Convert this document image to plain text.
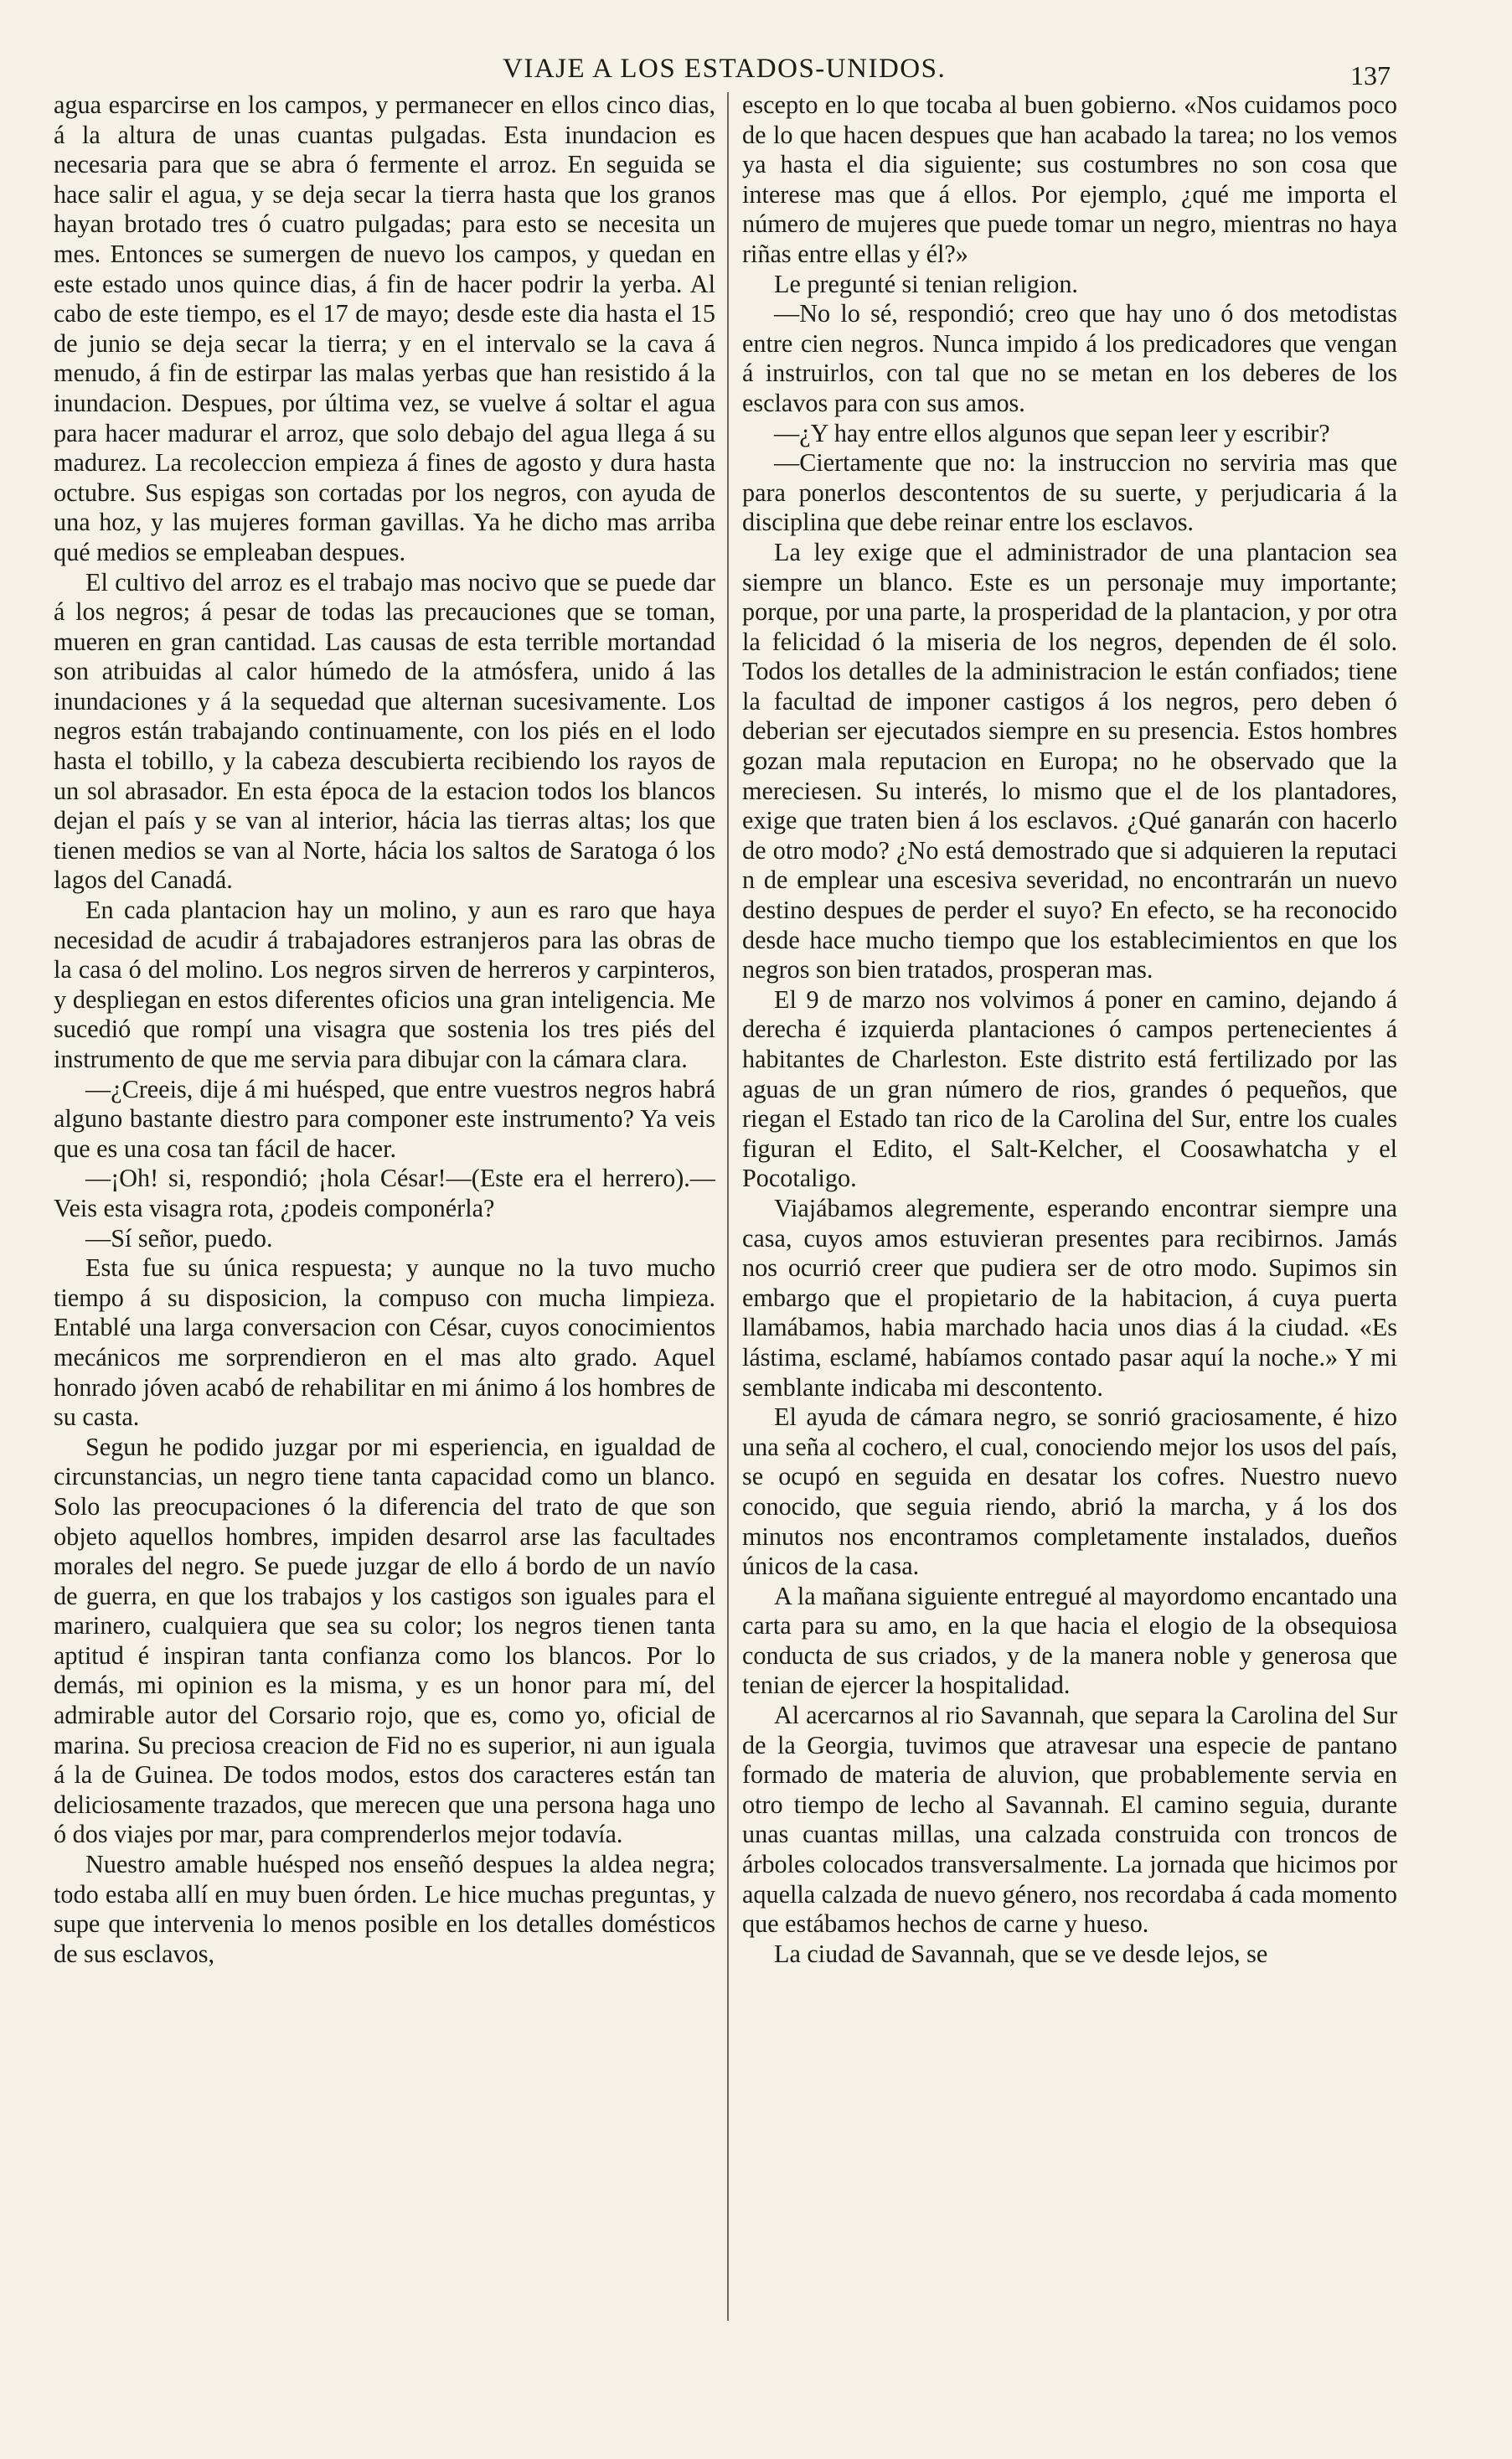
VIAJE A LOS ESTADOS-UNIDOS.	137

agua esparcirse en los campos, y permanecer en ellos cinco dias, á la altura de unas cuantas pulgadas. Esta inundacion es necesaria para que se abra ó fermente el arroz. En seguida se hace salir el agua, y se deja secar la tierra hasta que los granos hayan brotado tres ó cuatro pulgadas; para esto se necesita un mes. Entonces se sumergen de nuevo los campos, y quedan en este estado unos quince dias, á fin de hacer podrir la yerba. Al cabo de este tiempo, es el 17 de mayo; desde este dia hasta el 15 de junio se deja secar la tierra; y en el intervalo se la cava á menudo, á fin de estirpar las malas yerbas que han resistido á la inundacion. Despues, por última vez, se vuelve á soltar el agua para hacer madurar el arroz, que solo debajo del agua llega á su madurez. La recoleccion empieza á fines de agosto y dura hasta octubre. Sus espigas son cortadas por los negros, con ayuda de una hoz, y las mujeres forman gavillas. Ya he dicho mas arriba qué medios se empleaban despues.

El cultivo del arroz es el trabajo mas nocivo que se puede dar á los negros; á pesar de todas las precauciones que se toman, mueren en gran cantidad. Las causas de esta terrible mortandad son atribuidas al calor húmedo de la atmósfera, unido á las inundaciones y á la sequedad que alternan sucesivamente. Los negros están trabajando continuamente, con los piés en el lodo hasta el tobillo, y la cabeza descubierta recibiendo los rayos de un sol abrasador. En esta época de la estacion todos los blancos dejan el país y se van al interior, hácia las tierras altas; los que tienen medios se van al Norte, hácia los saltos de Saratoga ó los lagos del Canadá.

En cada plantacion hay un molino, y aun es raro que haya necesidad de acudir á trabajadores estranjeros para las obras de la casa ó del molino. Los negros sirven de herreros y carpinteros, y despliegan en estos diferentes oficios una gran inteligencia. Me sucedió que rompí una visagra que sostenia los tres piés del instrumento de que me servia para dibujar con la cámara clara.

—¿Creeis, dije á mi huésped, que entre vuestros negros habrá alguno bastante diestro para componer este instrumento? Ya veis que es una cosa tan fácil de hacer.

—¡Oh! si, respondió; ¡hola César!—(Este era el herrero).—Veis esta visagra rota, ¿podeis componérla?

—Sí señor, puedo.

Esta fue su única respuesta; y aunque no la tuvo mucho tiempo á su disposicion, la compuso con mucha limpieza. Entablé una larga conversacion con César, cuyos conocimientos mecánicos me sorprendieron en el mas alto grado. Aquel honrado jóven acabó de rehabilitar en mi ánimo á los hombres de su casta.

Segun he podido juzgar por mi esperiencia, en igualdad de circunstancias, un negro tiene tanta capacidad como un blanco. Solo las preocupaciones ó la diferencia del trato de que son objeto aquellos hombres, impiden desarrol arse las facultades morales del negro. Se puede juzgar de ello á bordo de un navío de guerra, en que los trabajos y los castigos son iguales para el marinero, cualquiera que sea su color; los negros tienen tanta aptitud é inspiran tanta confianza como los blancos. Por lo demás, mi opinion es la misma, y es un honor para mí, del admirable autor del Corsario rojo, que es, como yo, oficial de marina. Su preciosa creacion de Fid no es superior, ni aun iguala á la de Guinea. De todos modos, estos dos caracteres están tan deliciosamente trazados, que merecen que una persona haga uno ó dos viajes por mar, para comprenderlos mejor todavía.

Nuestro amable huésped nos enseñó despues la aldea negra; todo estaba allí en muy buen órden. Le hice muchas preguntas, y supe que intervenia lo menos posible en los detalles domésticos de sus esclavos,

escepto en lo que tocaba al buen gobierno. «Nos cuidamos poco de lo que hacen despues que han acabado la tarea; no los vemos ya hasta el dia siguiente; sus costumbres no son cosa que interese mas que á ellos. Por ejemplo, ¿qué me importa el número de mujeres que puede tomar un negro, mientras no haya riñas entre ellas y él?»

Le pregunté si tenian religion.

—No lo sé, respondió; creo que hay uno ó dos metodistas entre cien negros. Nunca impido á los predicadores que vengan á instruirlos, con tal que no se metan en los deberes de los esclavos para con sus amos.

—¿Y hay entre ellos algunos que sepan leer y escribir?

—Ciertamente que no: la instruccion no serviria mas que para ponerlos descontentos de su suerte, y perjudicaria á la disciplina que debe reinar entre los esclavos.

La ley exige que el administrador de una plantacion sea siempre un blanco. Este es un personaje muy importante; porque, por una parte, la prosperidad de la plantacion, y por otra la felicidad ó la miseria de los negros, dependen de él solo. Todos los detalles de la administracion le están confiados; tiene la facultad de imponer castigos á los negros, pero deben ó deberian ser ejecutados siempre en su presencia. Estos hombres gozan mala reputacion en Europa; no he observado que la mereciesen. Su interés, lo mismo que el de los plantadores, exige que traten bien á los esclavos. ¿Qué ganarán con hacerlo de otro modo? ¿No está demostrado que si adquieren la reputaci n de emplear una escesiva severidad, no encontrarán un nuevo destino despues de perder el suyo? En efecto, se ha reconocido desde hace mucho tiempo que los establecimientos en que los negros son bien tratados, prosperan mas.

El 9 de marzo nos volvimos á poner en camino, dejando á derecha é izquierda plantaciones ó campos pertenecientes á habitantes de Charleston. Este distrito está fertilizado por las aguas de un gran número de rios, grandes ó pequeños, que riegan el Estado tan rico de la Carolina del Sur, entre los cuales figuran el Edito, el Salt-Kelcher, el Coosawhatcha y el Pocotaligo.

Viajábamos alegremente, esperando encontrar siempre una casa, cuyos amos estuvieran presentes para recibirnos. Jamás nos ocurrió creer que pudiera ser de otro modo. Supimos sin embargo que el propietario de la habitacion, á cuya puerta llamábamos, habia marchado hacia unos dias á la ciudad. «Es lástima, esclamé, habíamos contado pasar aquí la noche.» Y mi semblante indicaba mi descontento.

El ayuda de cámara negro, se sonrió graciosamente, é hizo una seña al cochero, el cual, conociendo mejor los usos del país, se ocupó en seguida en desatar los cofres. Nuestro nuevo conocido, que seguia riendo, abrió la marcha, y á los dos minutos nos encontramos completamente instalados, dueños únicos de la casa.

A la mañana siguiente entregué al mayordomo encantado una carta para su amo, en la que hacia el elogio de la obsequiosa conducta de sus criados, y de la manera noble y generosa que tenian de ejercer la hospitalidad.

Al acercarnos al rio Savannah, que separa la Carolina del Sur de la Georgia, tuvimos que atravesar una especie de pantano formado de materia de aluvion, que probablemente servia en otro tiempo de lecho al Savannah. El camino seguia, durante unas cuantas millas, una calzada construida con troncos de árboles colocados transversalmente. La jornada que hicimos por aquella calzada de nuevo género, nos recordaba á cada momento que estábamos hechos de carne y hueso.

La ciudad de Savannah, que se ve desde lejos, se
